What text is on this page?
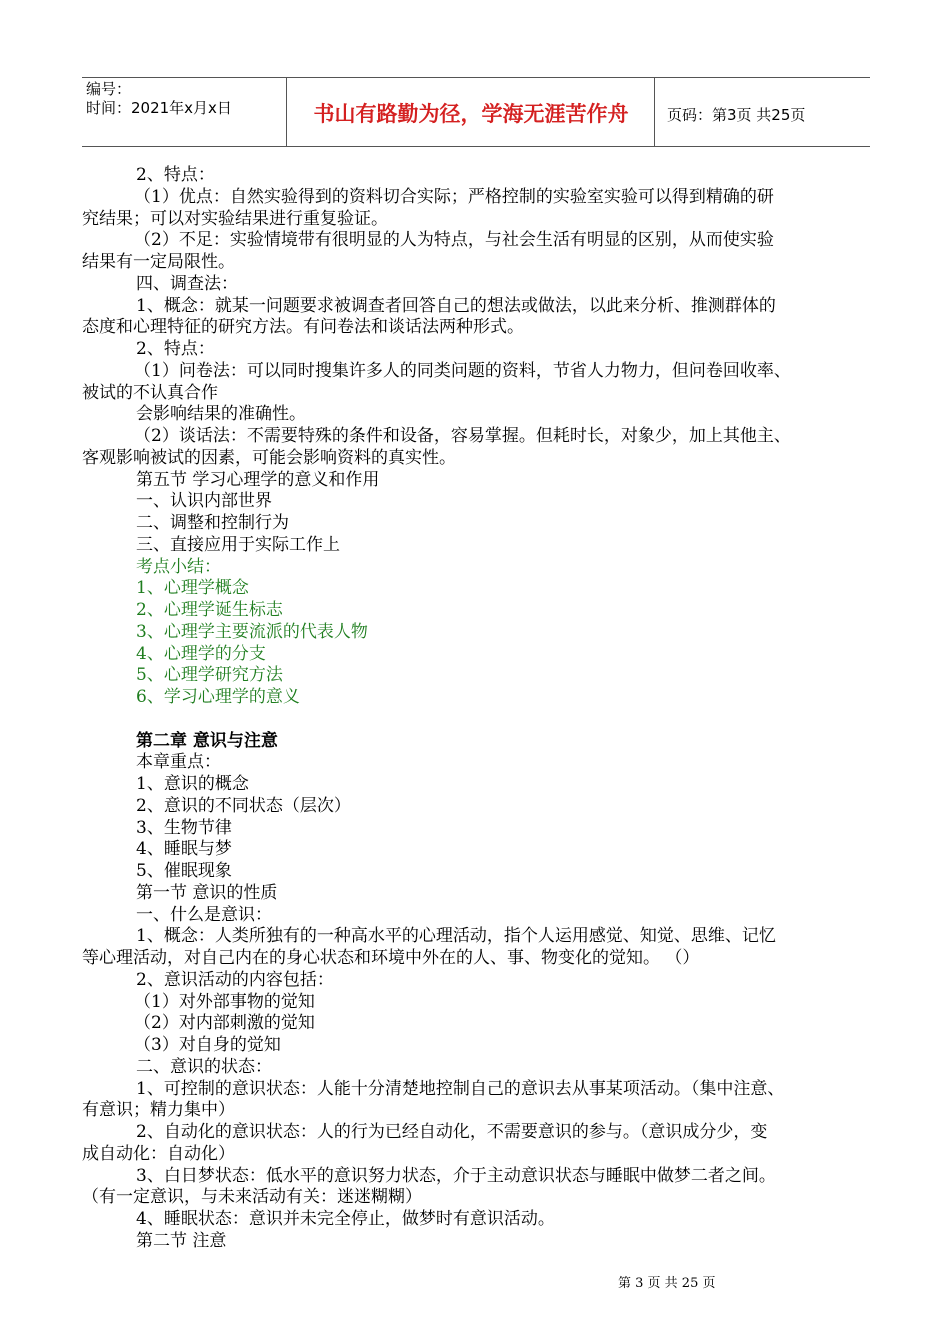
编号：
时间：2021年x月x日	书山有路勤为径，学海无涯苦作舟	页码：第3页 共25页
2、特点：
（1）优点：自然实验得到的资料切合实际；严格控制的实验室实验可以得到精确的研
究结果；可以对实验结果进行重复验证。
（2）不足：实验情境带有很明显的人为特点，与社会生活有明显的区别，从而使实验
结果有一定局限性。
四、调查法：
1、概念：就某一问题要求被调查者回答自己的想法或做法，以此来分析、推测群体的
态度和心理特征的研究方法。有问卷法和谈话法两种形式。
2、特点：
（1）问卷法：可以同时搜集许多人的同类问题的资料，节省人力物力，但问卷回收率、
被试的不认真合作
会影响结果的准确性。
（2）谈话法：不需要特殊的条件和设备，容易掌握。但耗时长，对象少，加上其他主、
客观影响被试的因素，可能会影响资料的真实性。
第五节 学习心理学的意义和作用
一、认识内部世界
二、调整和控制行为
三、直接应用于实际工作上
考点小结：
1、心理学概念
2、心理学诞生标志
3、心理学主要流派的代表人物
4、心理学的分支
5、心理学研究方法
6、学习心理学的意义
第二章 意识与注意
本章重点：
1、意识的概念
2、意识的不同状态（层次）
3、生物节律
4、睡眠与梦
5、催眠现象
第一节 意识的性质
一、什么是意识：
1、概念：人类所独有的一种高水平的心理活动，指个人运用感觉、知觉、思维、记忆
等心理活动，对自己内在的身心状态和环境中外在的人、事、物变化的觉知。 （）
2、意识活动的内容包括：
（1）对外部事物的觉知
（2）对内部刺激的觉知
（3）对自身的觉知
二、意识的状态：
1、可控制的意识状态：人能十分清楚地控制自己的意识去从事某项活动。（集中注意、
有意识；精力集中）
2、自动化的意识状态：人的行为已经自动化，不需要意识的参与。（意识成分少，变
成自动化：自动化）
3、白日梦状态：低水平的意识努力状态，介于主动意识状态与睡眠中做梦二者之间。
（有一定意识，与未来活动有关：迷迷糊糊）
4、睡眠状态：意识并未完全停止，做梦时有意识活动。
第二节 注意
第 3 页 共 25 页
